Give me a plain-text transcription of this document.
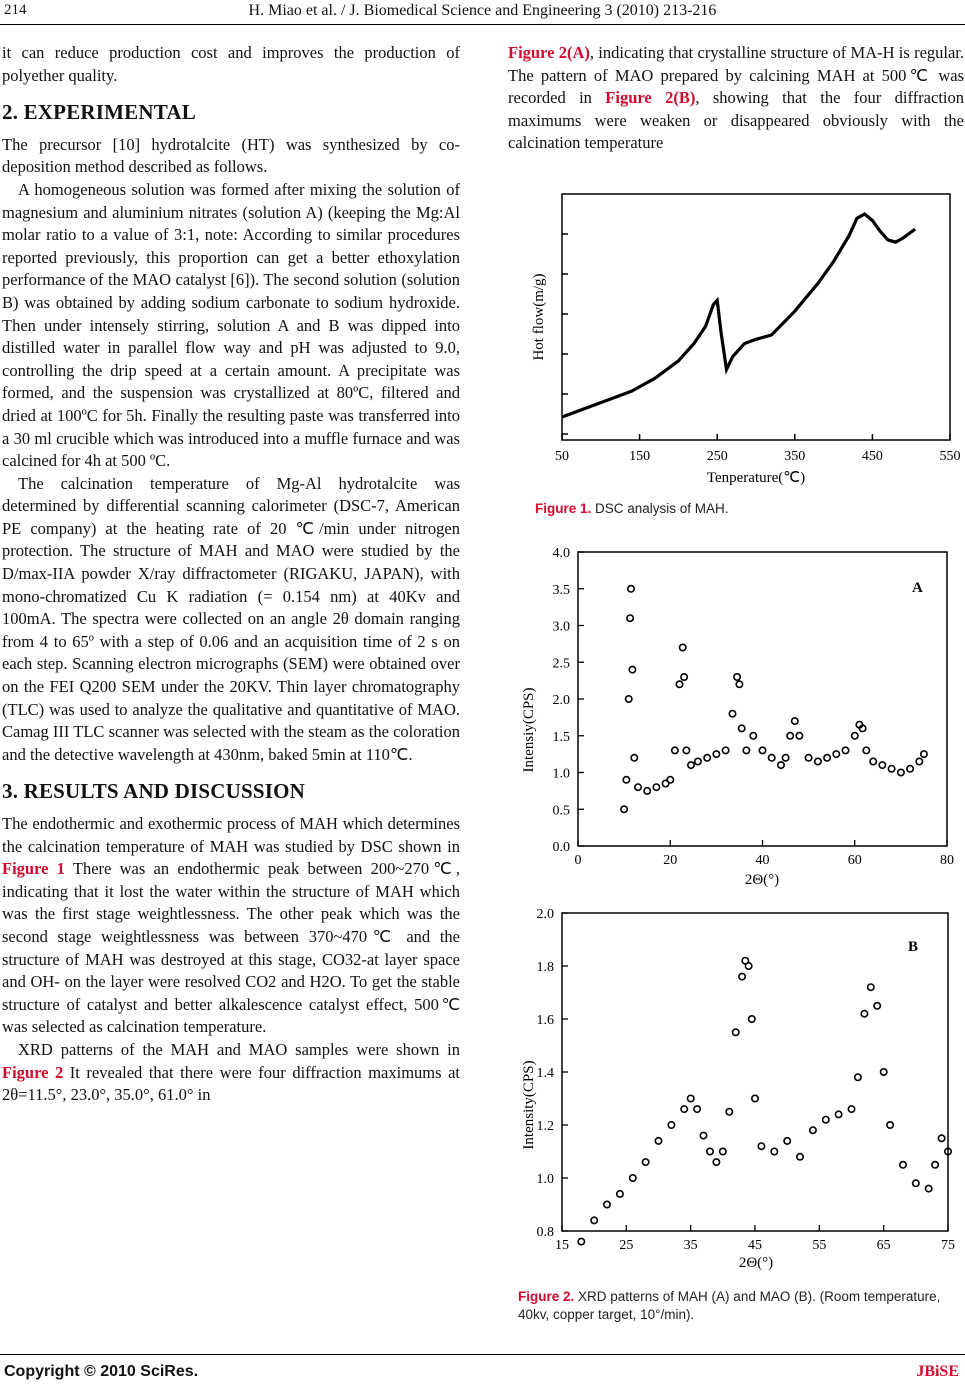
214	H. Miao et al. / J. Biomedical Science and Engineering 3 (2010) 213-216

it can reduce production cost and improves the production of polyether quality.

2. EXPERIMENTAL

The precursor [10] hydrotalcite (HT) was synthesized by co-deposition method described as follows.

A homogeneous solution was formed after mixing the solution of magnesium and aluminium nitrates (solution A) (keeping the Mg:Al molar ratio to a value of 3:1, note: According to similar procedures reported previously, this proportion can get a better ethoxylation performance of the MAO catalyst [6]). The second solution (solution B) was obtained by adding sodium carbonate to sodium hydroxide. Then under intensely stirring, solution A and B was dipped into distilled water in parallel flow way and pH was adjusted to 9.0, controlling the drip speed at a certain amount. A precipitate was formed, and the suspension was crystallized at 80ºC, filtered and dried at 100ºC for 5h. Finally the resulting paste was transferred into a 30 ml crucible which was introduced into a muffle furnace and was calcined for 4h at 500 ºC.

The calcination temperature of Mg-Al hydrotalcite was determined by differential scanning calorimeter (DSC-7, American PE company) at the heating rate of 20 ℃/min under nitrogen protection. The structure of MAH and MAO were studied by the D/max-IIA powder X/ray diffractometer (RIGAKU, JAPAN), with mono-chromatized Cu K radiation (= 0.154 nm) at 40Kv and 100mA. The spectra were collected on an angle 2θ domain ranging from 4 to 65º with a step of 0.06 and an acquisition time of 2 s on each step. Scanning electron micrographs (SEM) were obtained over on the FEI Q200 SEM under the 20KV. Thin layer chromatography (TLC) was used to analyze the qualitative and quantitative of MAO. Camag III TLC scanner was selected with the steam as the coloration and the detective wavelength at 430nm, baked 5min at 110℃.

3. RESULTS AND DISCUSSION

The endothermic and exothermic process of MAH which determines the calcination temperature of MAH was studied by DSC shown in Figure 1 There was an endothermic peak between 200~270℃, indicating that it lost the water within the structure of MAH which was the first stage weightlessness. The other peak which was the second stage weightlessness was between 370~470℃ and the structure of MAH was destroyed at this stage, CO32-at layer space and OH- on the layer were resolved CO2 and H2O. To get the stable structure of catalyst and better alkalescence catalyst effect, 500℃ was selected as calcination temperature.

XRD patterns of the MAH and MAO samples were shown in Figure 2 It revealed that there were four diffraction maximums at 2θ=11.5°, 23.0°, 35.0°, 61.0° in

Figure 2(A), indicating that crystalline structure of MA-H is regular. The pattern of MAO prepared by calcining MAH at 500℃ was recorded in Figure 2(B), showing that the four diffraction maximums were weaken or disappeared obviously with the calcination temperature

50	150	250	350	450	550
Tenperature(℃)
Hot flow(m/g)
Figure 1. DSC analysis of MAH.
0.0
0.5
1.0
1.5
2.0
2.5
3.0
3.5
4.0
0	20	40	60	80
A
2Θ(°)
Intensiy(CPS)
0.8
1.0
1.2
1.4
1.6
1.8
2.0
15	25	35	45	55	65	75
B
2Θ(°)
Intensity(CPS)
Figure 2. XRD patterns of MAH (A) and MAO (B). (Room temperature, 40kv, copper target, 10°/min).
Copyright © 2010 SciRes.	JBiSE
